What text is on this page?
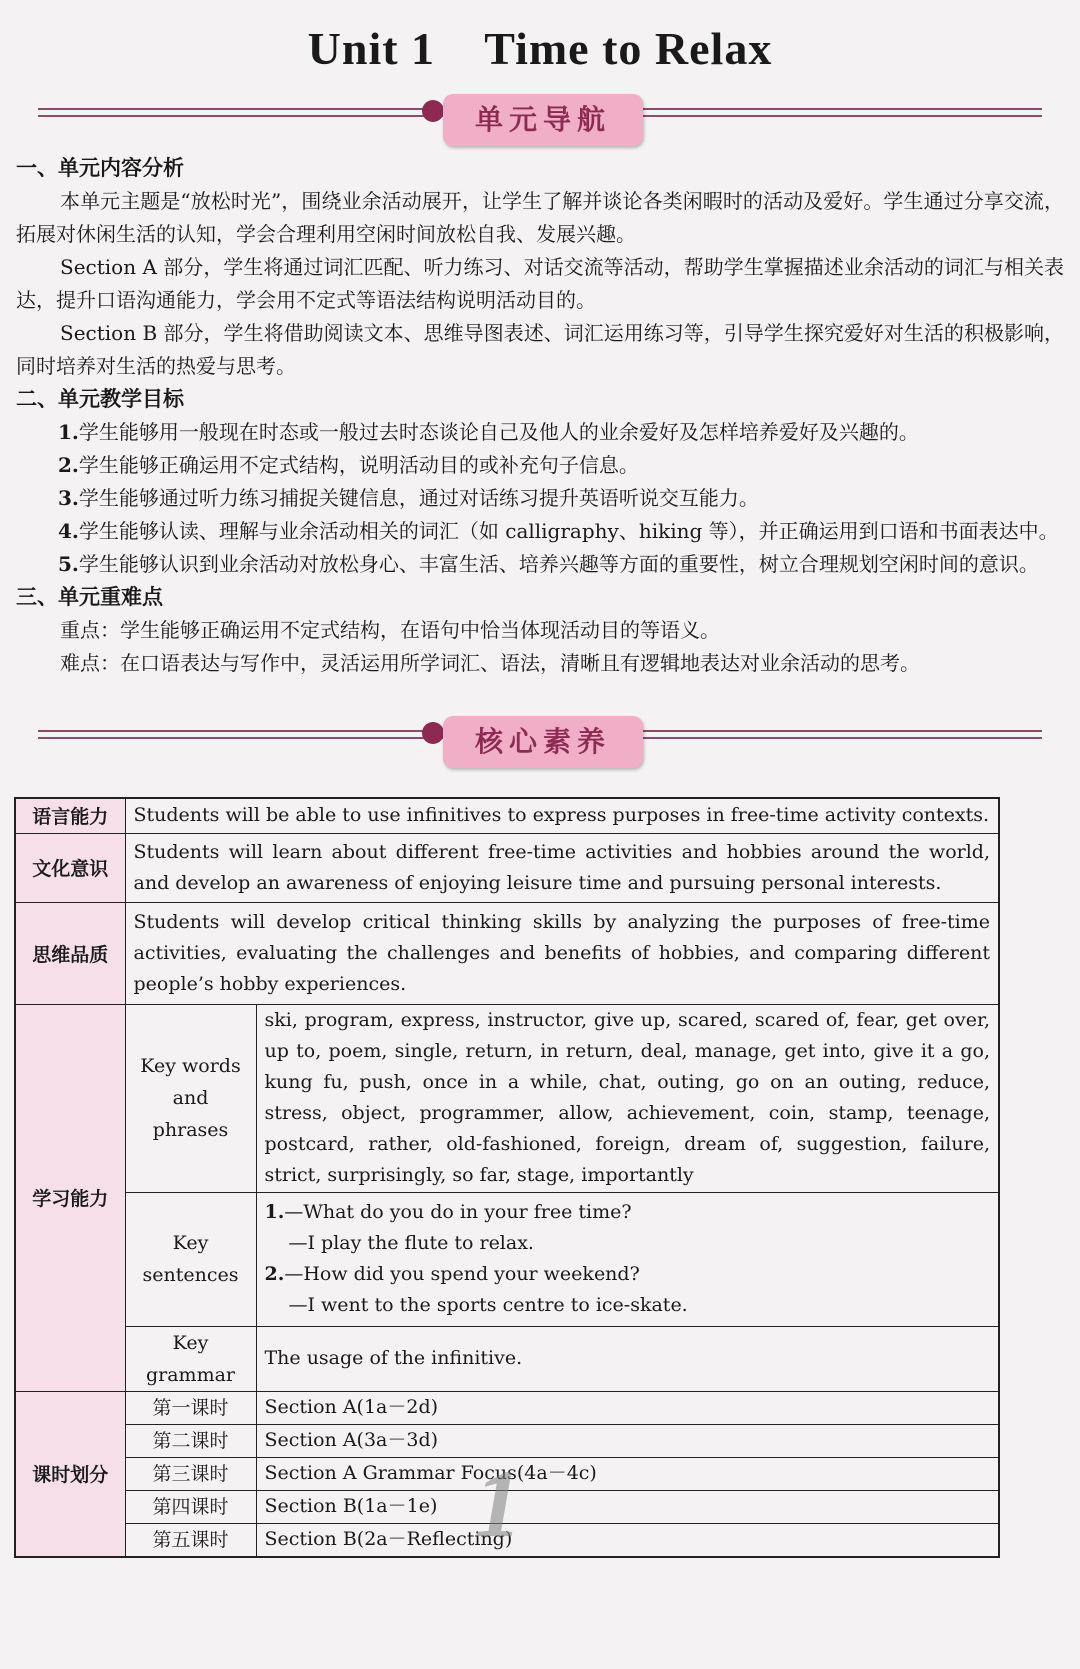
Unit 1    Time to Relax
单元导航
一、单元内容分析
本单元主题是“放松时光”，围绕业余活动展开，让学生了解并谈论各类闲暇时的活动及爱好。学生通过分享交流，拓展对休闲生活的认知，学会合理利用空闲时间放松自我、发展兴趣。
Section A 部分，学生将通过词汇匹配、听力练习、对话交流等活动，帮助学生掌握描述业余活动的词汇与相关表达，提升口语沟通能力，学会用不定式等语法结构说明活动目的。
Section B 部分，学生将借助阅读文本、思维导图表述、词汇运用练习等，引导学生探究爱好对生活的积极影响，同时培养对生活的热爱与思考。
二、单元教学目标
1.学生能够用一般现在时态或一般过去时态谈论自己及他人的业余爱好及怎样培养爱好及兴趣的。
2.学生能够正确运用不定式结构，说明活动目的或补充句子信息。
3.学生能够通过听力练习捕捉关键信息，通过对话练习提升英语听说交互能力。
4.学生能够认读、理解与业余活动相关的词汇（如 calligraphy、hiking 等），并正确运用到口语和书面表达中。
5.学生能够认识到业余活动对放松身心、丰富生活、培养兴趣等方面的重要性，树立合理规划空闲时间的意识。
三、单元重难点
重点：学生能够正确运用不定式结构，在语句中恰当体现活动目的等语义。
难点：在口语表达与写作中，灵活运用所学词汇、语法，清晰且有逻辑地表达对业余活动的思考。
核心素养
语言能力	Students will be able to use infinitives to express purposes in free-time activity contexts.	
文化意识	Students will learn about different free-time activities and hobbies around the world, and develop an awareness of enjoying leisure time and pursuing personal interests.	
思维品质	Students will develop critical thinking skills by analyzing the purposes of free-time activities, evaluating the challenges and benefits of hobbies, and comparing different people’s hobby experiences.	
学习能力	Key words and phrases	ski, program, express, instructor, give up, scared, scared of, fear, get over, up to, poem, single, return, in return, deal, manage, get into, give it a go, kung fu, push, once in a while, chat, outing, go on an outing, reduce, stress, object, programmer, allow, achievement, coin, stamp, teenage, postcard, rather, old-fashioned, foreign, dream of, suggestion, failure, strict, surprisingly, so far, stage, importantly
	Key sentences	1.—What do you do in your free time?
—I play the flute to relax.
2.—How did you spend your weekend?
—I went to the sports centre to ice-skate.

	Key grammar	The usage of the infinitive.
课时划分	第一课时	Section A(1a－2d)
	第二课时	Section A(3a－3d)
	第三课时	Section A Grammar Focus(4a－4c)
	第四课时	Section B(1a－1e)
	第五课时	Section B(2a－Reflecting)
1
